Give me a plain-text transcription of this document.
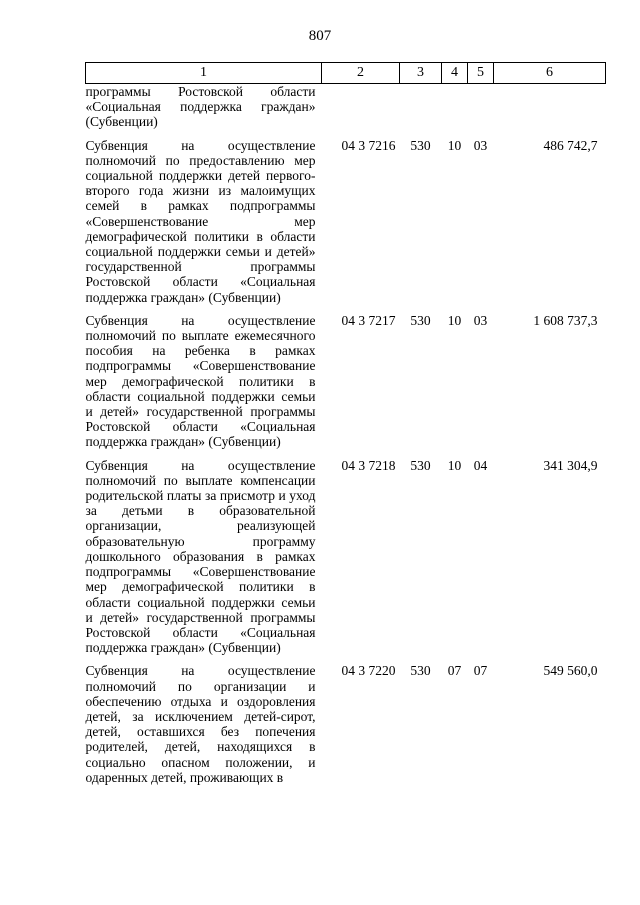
807
1	2	3	4	5	6
программы Ростовской области «Социальная поддержка граждан» (Субвенции)					
Субвенция на осуществление полномочий по предоставлению мер социальной поддержки детей первого-второго года жизни из малоимущих семей в рамках подпрограммы «Совершенствование мер демографической политики в области социальной поддержки семьи и детей» государственной программы Ростовской области «Социальная поддержка граждан» (Субвенции)	04 3 7216	530	10	03	486 742,7
Субвенция на осуществление полномочий по выплате ежемесячного пособия на ребенка в рамках подпрограммы «Совершенствование мер демографической политики в области социальной поддержки семьи и детей» государственной программы Ростовской области «Социальная поддержка граждан» (Субвенции)	04 3 7217	530	10	03	1 608 737,3
Субвенция на осуществление полномочий по выплате компенсации родительской платы за присмотр и уход за детьми в образовательной организации, реализующей образовательную программу дошкольного образования в рамках подпрограммы «Совершенствование мер демографической политики в области социальной поддержки семьи и детей» государственной программы Ростовской области «Социальная поддержка граждан» (Субвенции)	04 3 7218	530	10	04	341 304,9
Субвенция на осуществление полномочий по организации и обеспечению отдыха и оздоровления детей, за исключением детей-сирот, детей, оставшихся без попечения родителей, детей, находящихся в социально опасном положении, и одаренных детей, проживающих в	04 3 7220	530	07	07	549 560,0
